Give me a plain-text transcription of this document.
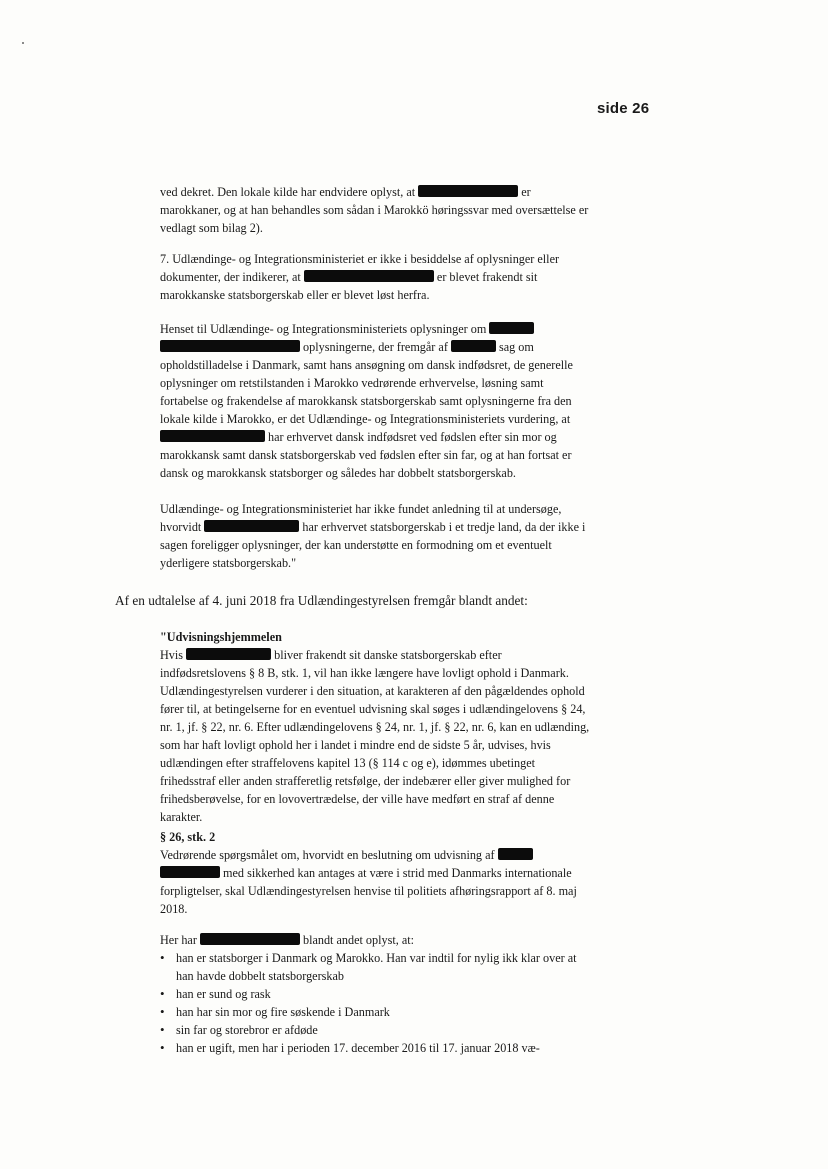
side 26
ved dekret. Den lokale kilde har endvidere oplyst, at	er marokkaner, og at han behandles som sådan i Marokkö høringssvar med oversættelse er vedlagt som bilag 2).
7. Udlændinge- og Integrationsministeriet er ikke i besiddelse af oplysninger eller dokumenter, der indikerer, at	er blevet frakendt sit marokkanske statsborgerskab eller er blevet løst herfra.
Henset til Udlændinge- og Integrationsministeriets oplysninger om   oplysningerne, der fremgår af	sag om opholdstilladelse i Danmark, samt hans ansøgning om dansk indfødsret, de generelle oplysninger om retstilstanden i Marokko vedrørende erhvervelse, løsning samt fortabelse og frakendelse af marokkansk statsborgerskab samt oplysningerne fra den lokale kilde i Marokko, er det Udlændinge- og Integrationsministeriets vurdering, at  har erhvervet dansk indfødsret ved fødslen efter sin mor og marokkansk samt dansk statsborgerskab ved fødslen efter sin far, og at han fortsat er dansk og marokkansk statsborger og således har dobbelt statsborgerskab.
Udlændinge- og Integrationsministeriet har ikke fundet anledning til at undersøge, hvorvidt	har erhvervet statsborgerskab i et tredje land, da der ikke i sagen foreligger oplysninger, der kan understøtte en formodning om et eventuelt yderligere statsborgerskab."
Af en udtalelse af 4. juni 2018 fra Udlændingestyrelsen fremgår blandt andet:
"Udvisningshjemmelen
Hvis	bliver frakendt sit danske statsborgerskab efter indfødsretslovens § 8 B, stk. 1, vil han ikke længere have lovligt ophold i Danmark. Udlændingestyrelsen vurderer i den situation, at karakteren af den pågældendes ophold fører til, at betingelserne for en eventuel udvisning skal søges i udlændingelovens § 24, nr. 1, jf. § 22, nr. 6. Efter udlændingelovens § 24, nr. 1, jf. § 22, nr. 6, kan en udlænding, som har haft lovligt ophold her i landet i mindre end de sidste 5 år, udvises, hvis udlændingen efter straffelovens kapitel 13 (§ 114 c og e), idømmes ubetinget frihedsstraf eller anden strafferetlig retsfølge, der indebærer eller giver mulighed for frihedsberøvelse, for en lovovertrædelse, der ville have medført en straf af denne karakter.
§ 26, stk. 2
Vedrørende spørgsmålet om, hvorvidt en beslutning om udvisning af   med sikkerhed kan antages at være i strid med Danmarks internationale forpligtelser, skal Udlændingestyrelsen henvise til politiets afhøringsrapport af 8. maj 2018.
Her har	blandt andet oplyst, at:
• han er statsborger i Danmark og Marokko. Han var indtil for nylig ikk klar over at han havde dobbelt statsborgerskab
• han er sund og rask
• han har sin mor og fire søskende i Danmark
• sin far og storebror er afdøde
• han er ugift, men har i perioden 17. december 2016 til 17. januar 2018 væ-
